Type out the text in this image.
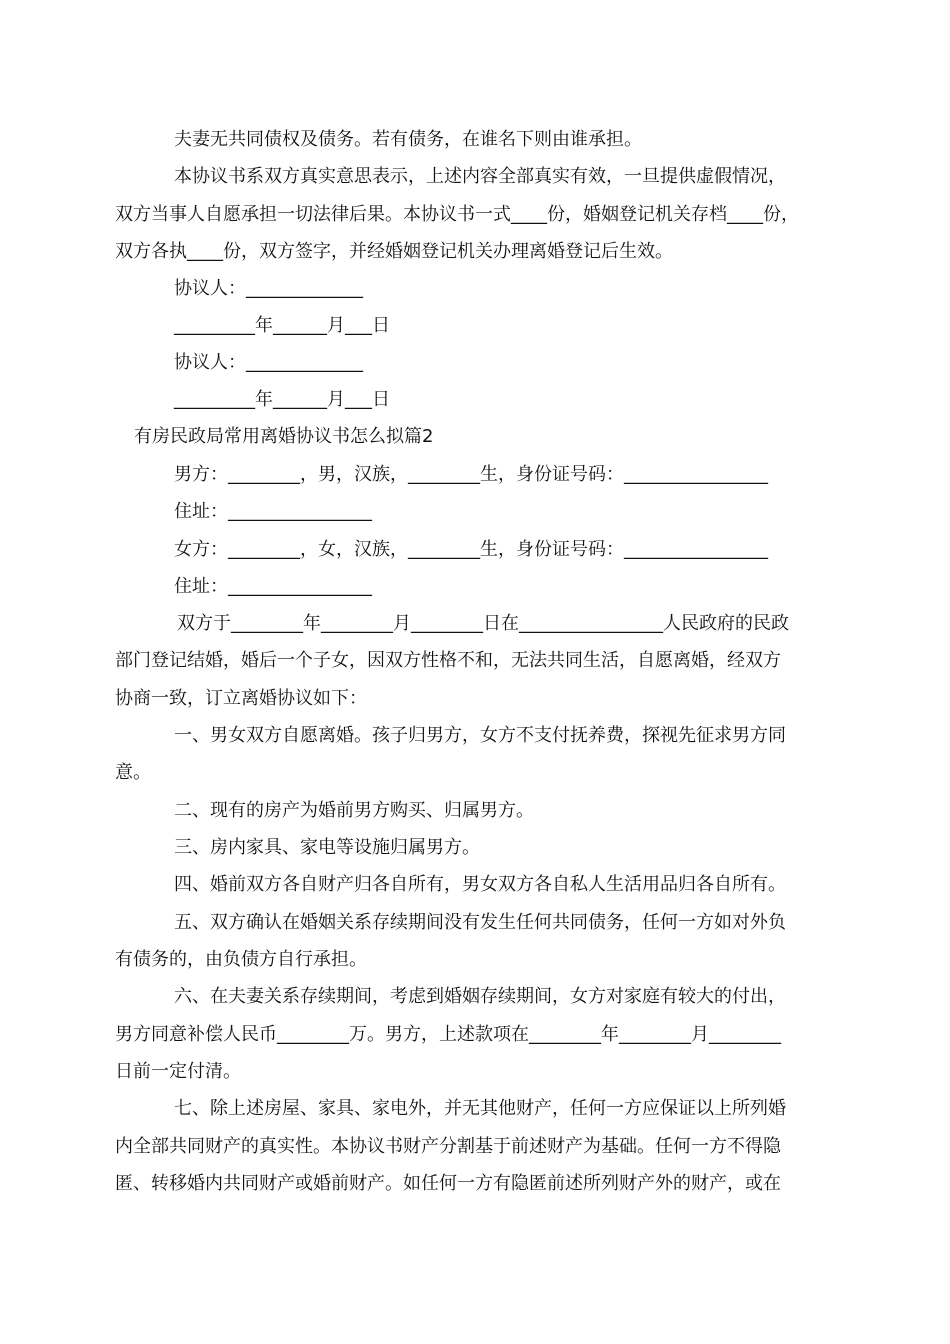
夫妻无共同债权及债务。若有债务，在谁名下则由谁承担。

本协议书系双方真实意思表示，上述内容全部真实有效，一旦提供虚假情况，

双方当事人自愿承担一切法律后果。本协议书一式____份，婚姻登记机关存档____份，

双方各执____份，双方签字，并经婚姻登记机关办理离婚登记后生效。

协议人：_____________

_________年______月___日

协议人：_____________

_________年______月___日

有房民政局常用离婚协议书怎么拟篇2

男方：________，男，汉族，________生，身份证号码：________________

住址：________________

女方：________，女，汉族，________生，身份证号码：________________

住址：________________

双方于________年________月________日在________________人民政府的民政

部门登记结婚，婚后一个子女，因双方性格不和，无法共同生活，自愿离婚，经双方

协商一致，订立离婚协议如下：

一、男女双方自愿离婚。孩子归男方，女方不支付抚养费，探视先征求男方同

意。

二、现有的房产为婚前男方购买、归属男方。

三、房内家具、家电等设施归属男方。

四、婚前双方各自财产归各自所有，男女双方各自私人生活用品归各自所有。

五、双方确认在婚姻关系存续期间没有发生任何共同债务，任何一方如对外负

有债务的，由负债方自行承担。

六、在夫妻关系存续期间，考虑到婚姻存续期间，女方对家庭有较大的付出，

男方同意补偿人民币________万。男方，上述款项在________年________月________

日前一定付清。

七、除上述房屋、家具、家电外，并无其他财产，任何一方应保证以上所列婚

内全部共同财产的真实性。本协议书财产分割基于前述财产为基础。任何一方不得隐

匿、转移婚内共同财产或婚前财产。如任何一方有隐匿前述所列财产外的财产，或在
